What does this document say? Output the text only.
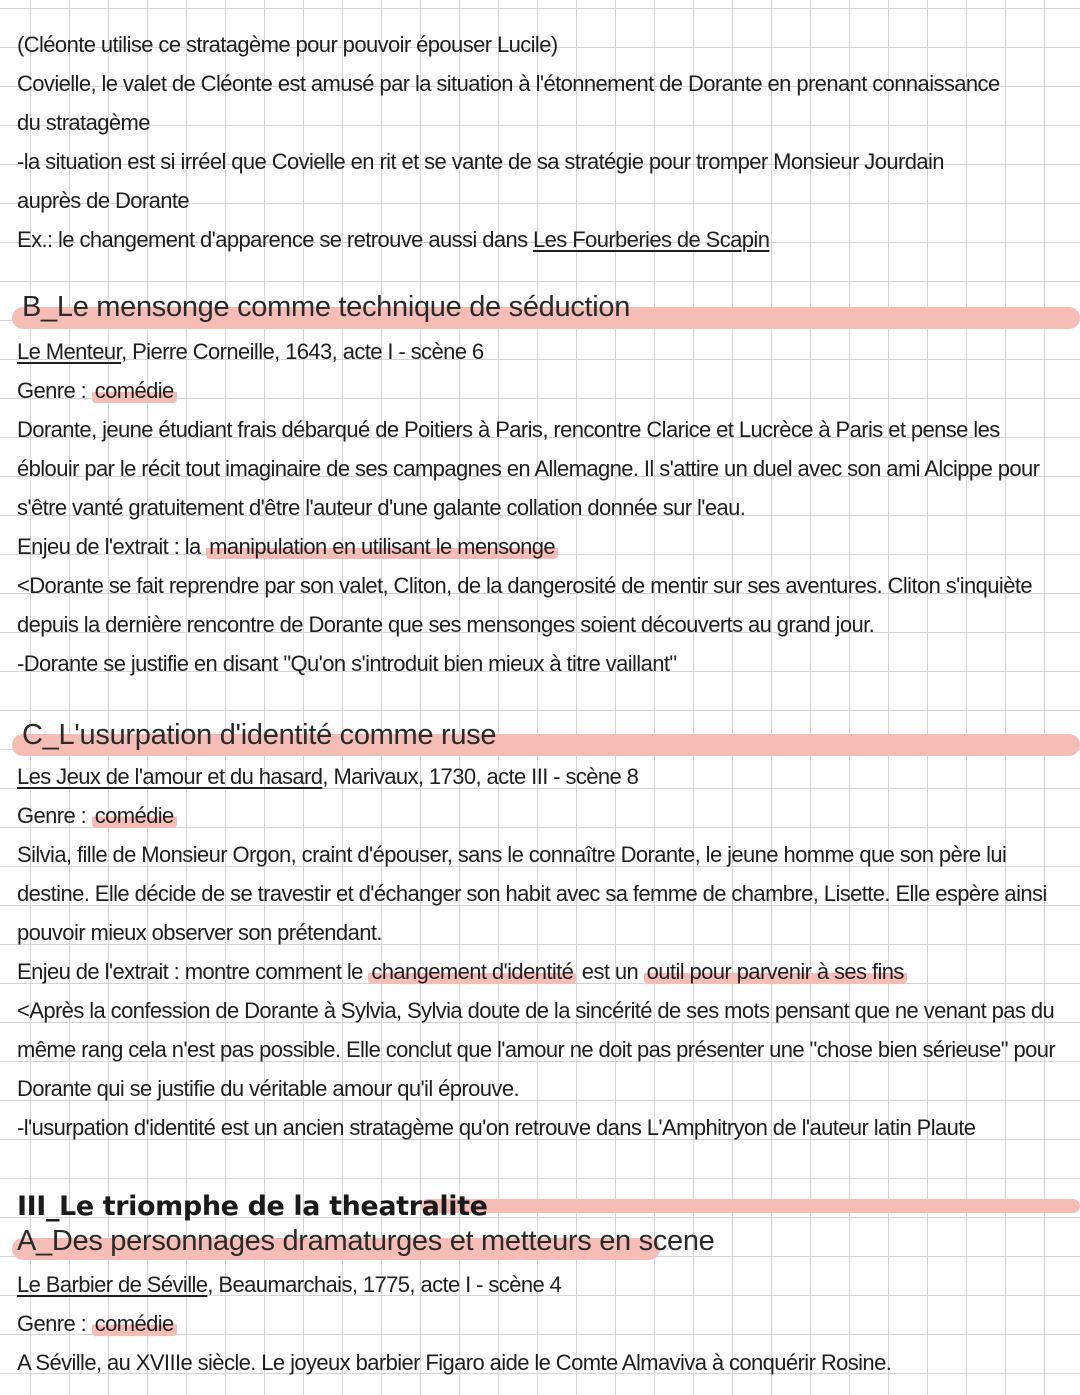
(Cléonte utilise ce stratagème pour pouvoir épouser Lucile)
Covielle, le valet de Cléonte est amusé par la situation à l'étonnement de Dorante en prenant connaissance
du stratagème
-la situation est si irréel que Covielle en rit et se vante de sa stratégie pour tromper Monsieur Jourdain
auprès de Dorante
Ex.: le changement d'apparence se retrouve aussi dans Les Fourberies de Scapin
B_Le mensonge comme technique de séduction
Le Menteur, Pierre Corneille, 1643, acte I - scène 6
Genre : comédie
Dorante, jeune étudiant frais débarqué de Poitiers à Paris, rencontre Clarice et Lucrèce à Paris et pense les
éblouir par le récit tout imaginaire de ses campagnes en Allemagne. Il s'attire un duel avec son ami Alcippe pour
s'être vanté gratuitement d'être l'auteur d'une galante collation donnée sur l'eau.
Enjeu de l'extrait : la manipulation en utilisant le mensonge
<Dorante se fait reprendre par son valet, Cliton, de la dangerosité de mentir sur ses aventures. Cliton s'inquiète
depuis la dernière rencontre de Dorante que ses mensonges soient découverts au grand jour.
-Dorante se justifie en disant "Qu'on s'introduit bien mieux à titre vaillant"
C_L'usurpation d'identité comme ruse
Les Jeux de l'amour et du hasard, Marivaux, 1730, acte III - scène 8
Genre : comédie
Silvia, fille de Monsieur Orgon, craint d'épouser, sans le connaître Dorante, le jeune homme que son père lui
destine. Elle décide de se travestir et d'échanger son habit avec sa femme de chambre, Lisette. Elle espère ainsi
pouvoir mieux observer son prétendant.
Enjeu de l'extrait : montre comment le changement d'identité est un outil pour parvenir à ses fins
<Après la confession de Dorante à Sylvia, Sylvia doute de la sincérité de ses mots pensant que ne venant pas du
même rang cela n'est pas possible. Elle conclut que l'amour ne doit pas présenter une "chose bien sérieuse" pour
Dorante qui se justifie du véritable amour qu'il éprouve.
-l'usurpation d'identité est un ancien stratagème qu'on retrouve dans L'Amphitryon de l'auteur latin Plaute
III_Le triomphe de la theatralite
A_Des personnages dramaturges et metteurs en scene
Le Barbier de Séville, Beaumarchais, 1775, acte I - scène 4
Genre : comédie
A Séville, au XVIIIe siècle. Le joyeux barbier Figaro aide le Comte Almaviva à conquérir Rosine.
